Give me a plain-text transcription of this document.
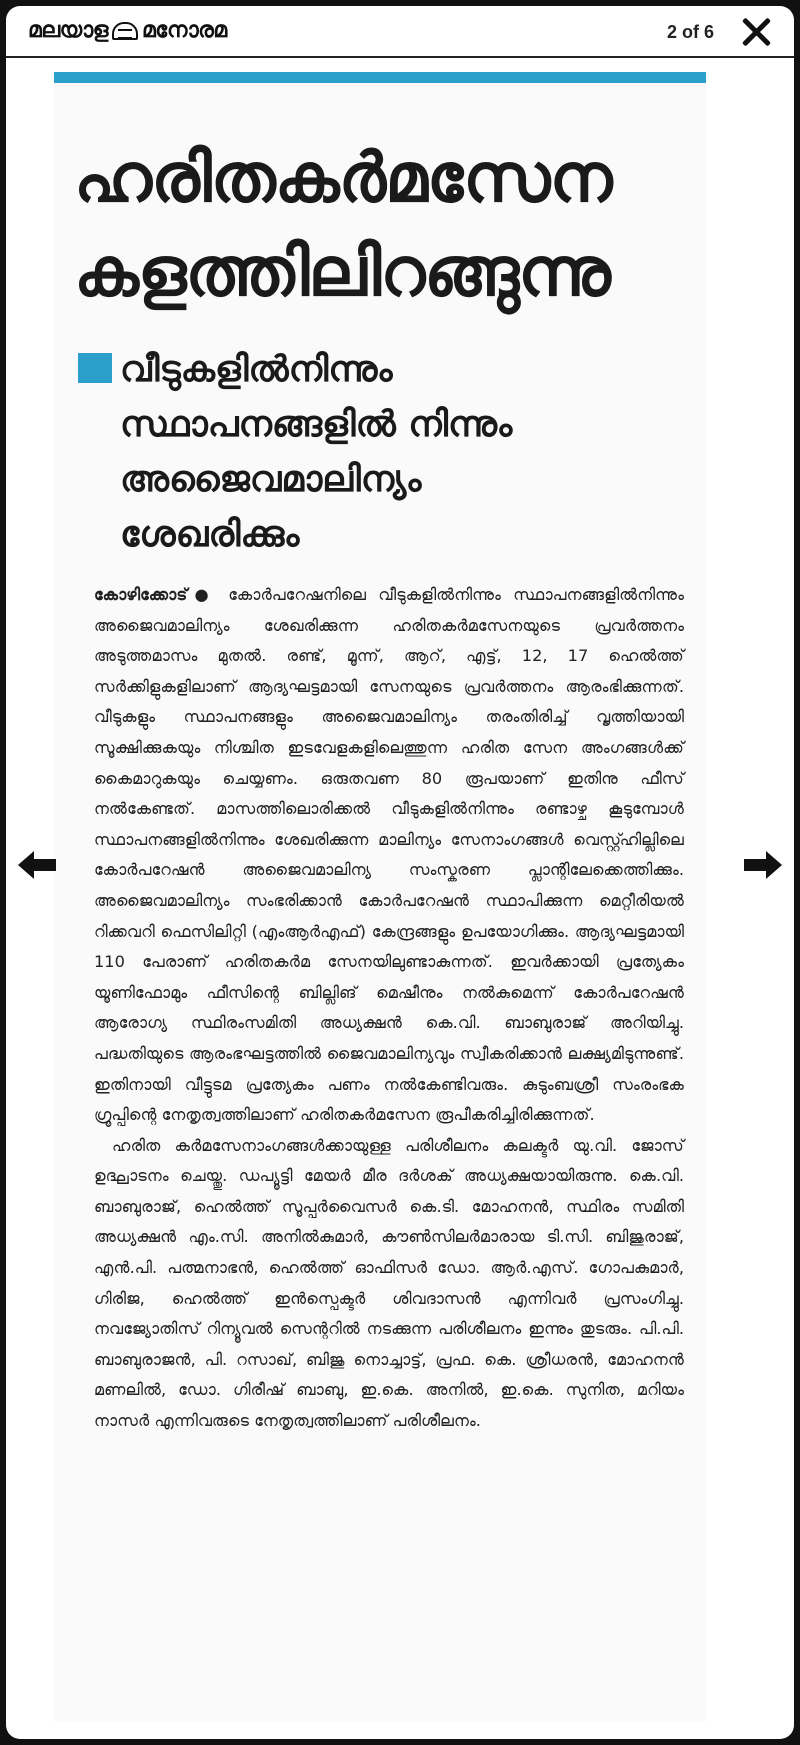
മലയാള മനോരമ	2 of 6
ഹരിതകർമസേന കളത്തിലിറങ്ങുന്നു
വീടുകളിൽനിന്നും സ്ഥാപനങ്ങളിൽ നിന്നും അജൈവമാലിന്യം ശേഖരിക്കും

കോഴിക്കോട്● കോർപറേഷനിലെ വീടുകളിൽനിന്നും സ്ഥാപനങ്ങളിൽനിന്നും അജൈവമാലിന്യം ശേഖരിക്കുന്ന ഹരിതകർമസേനയുടെ പ്രവർത്തനം അടുത്തമാസം മുതൽ. രണ്ട്, മൂന്ന്, ആറ്, എട്ട്, 12, 17 ഹെൽത്ത് സർക്കിളുകളിലാണ് ആദ്യഘട്ടമായി സേനയുടെ പ്രവർത്തനം ആരംഭിക്കുന്നത്. വീടുകളും സ്ഥാപനങ്ങളും അജൈവമാലിന്യം തരംതിരിച്ച് വൃത്തിയായി സൂക്ഷിക്കുകയും നിശ്ചിത ഇടവേളകളിലെത്തുന്ന ഹരിത സേന അംഗങ്ങൾക്ക് കൈമാറുകയും ചെയ്യണം. ഒരുതവണ 80 രൂപയാണ് ഇതിനു ഫീസ് നൽകേണ്ടത്. മാസത്തിലൊരിക്കൽ വീടുകളിൽനിന്നും രണ്ടാഴ്ച കൂടുമ്പോൾ സ്ഥാപനങ്ങളിൽനിന്നും ശേഖരിക്കുന്ന മാലിന്യം സേനാംഗങ്ങൾ വെസ്റ്റ്ഹില്ലിലെ കോർപറേഷൻ അജൈവമാലിന്യ സംസ്കരണ പ്ലാന്റിലേക്കെത്തിക്കും. അജൈവമാലിന്യം സംഭരിക്കാൻ കോർപറേഷൻ സ്ഥാപിക്കുന്ന മെറ്റീരിയൽ റിക്കവറി ഫെസിലിറ്റി (എംആർഎഫ്) കേന്ദ്രങ്ങളും ഉപയോഗിക്കും. ആദ്യഘട്ടമായി 110 പേരാണ് ഹരിതകർമ സേനയിലുണ്ടാകുന്നത്. ഇവർക്കായി പ്രത്യേകം യൂണിഫോമും ഫീസിന്റെ ബില്ലിങ് മെഷീനും നൽകുമെന്ന് കോർപറേഷൻ ആരോഗ്യ സ്ഥിരംസമിതി അധ്യക്ഷൻ കെ.വി. ബാബുരാജ് അറിയിച്ചു. പദ്ധതിയുടെ ആരംഭഘട്ടത്തിൽ ജൈവമാലിന്യവും സ്വീകരിക്കാൻ ലക്ഷ്യമിടുന്നുണ്ട്. ഇതിനായി വീട്ടുടമ പ്രത്യേകം പണം നൽകേണ്ടിവരും. കുടുംബശ്രീ സംരംഭക ഗ്രൂപ്പിന്റെ നേതൃത്വത്തിലാണ് ഹരിതകർമസേന രൂപീകരിച്ചിരിക്കുന്നത്.

ഹരിത കർമസേനാംഗങ്ങൾക്കായുള്ള പരിശീലനം കലക്ടർ യു.വി. ജോസ് ഉദ്ഘാടനം ചെയ്തു. ഡപ്യൂട്ടി മേയർ മീര ദർശക് അധ്യക്ഷയായിരുന്നു. കെ.വി. ബാബുരാജ്, ഹെൽത്ത് സൂപ്പർവൈസർ കെ.ടി. മോഹനൻ, സ്ഥിരം സമിതി അധ്യക്ഷൻ എം.സി. അനിൽകുമാർ, കൗൺസിലർമാരായ ടി.സി. ബിജുരാജ്, എൻ.പി. പത്മനാഭൻ, ഹെൽത്ത് ഓഫിസർ ഡോ. ആർ.എസ്. ഗോപകുമാർ, ഗിരിജ, ഹെൽത്ത് ഇൻസ്പെക്ടർ ശിവദാസൻ എന്നിവർ പ്രസംഗിച്ചു. നവജ്യോതിസ് റിന്യൂവൽ സെന്ററിൽ നടക്കുന്ന പരിശീലനം ഇന്നും തുടരും. പി.പി. ബാബുരാജൻ, പി. റസാഖ്, ബിജു നൊച്ചാട്ട്, പ്രഫ. കെ. ശ്രീധരൻ, മോഹനൻ മണലിൽ, ഡോ. ഗിരീഷ് ബാബു, ഇ.കെ. അനിൽ, ഇ.കെ. സുനിത, മറിയം നാസർ എന്നിവരുടെ നേതൃത്വത്തിലാണ് പരിശീലനം.
